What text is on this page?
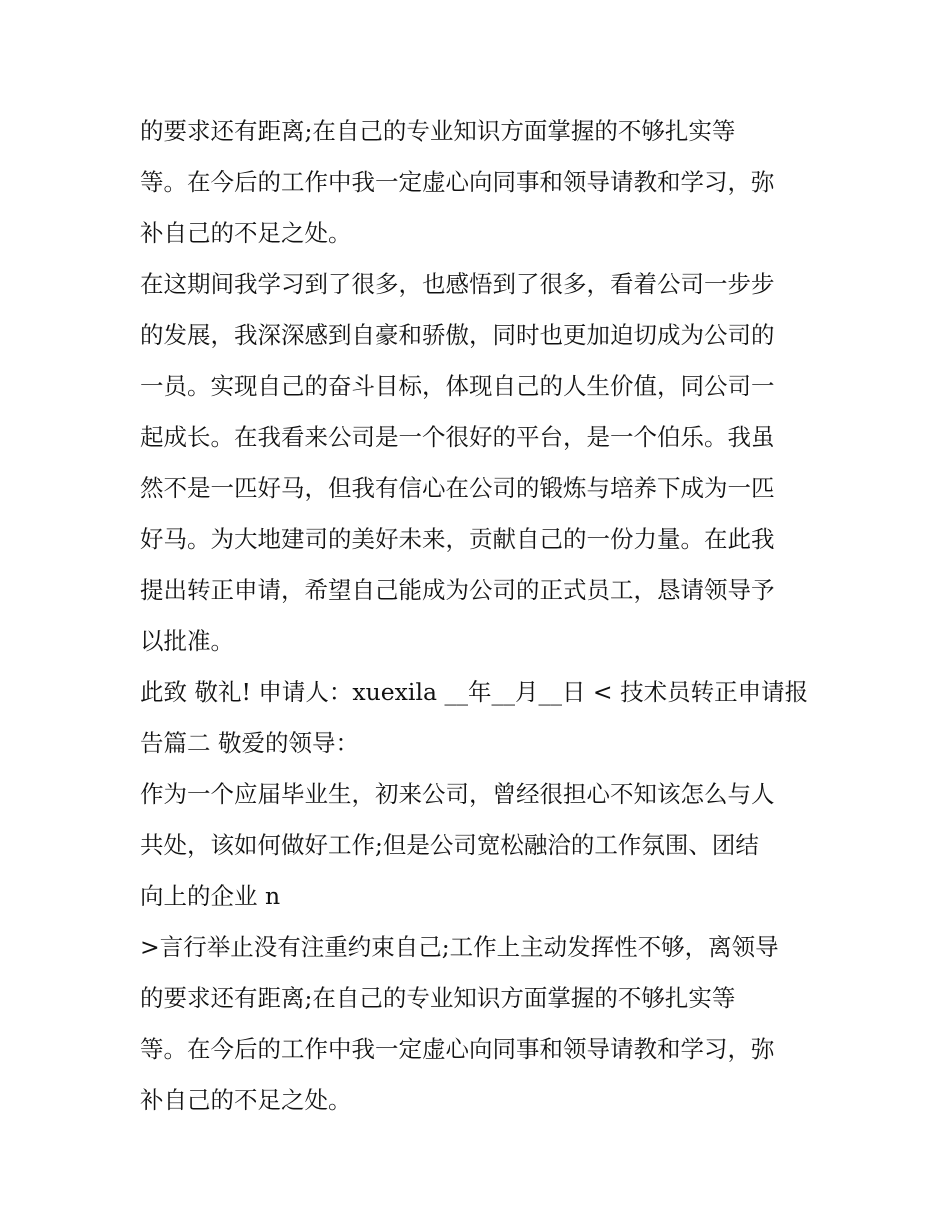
的要求还有距离;在自己的专业知识方面掌握的不够扎实等
等。在今后的工作中我一定虚心向同事和领导请教和学习，弥
补自己的不足之处。
在这期间我学习到了很多，也感悟到了很多，看着公司一步步
的发展，我深深感到自豪和骄傲，同时也更加迫切成为公司的
一员。实现自己的奋斗目标，体现自己的人生价值，同公司一
起成长。在我看来公司是一个很好的平台，是一个伯乐。我虽
然不是一匹好马，但我有信心在公司的锻炼与培养下成为一匹
好马。为大地建司的美好未来，贡献自己的一份力量。在此我
提出转正申请，希望自己能成为公司的正式员工，恳请领导予
以批准。
此致 敬礼! 申请人：xuexila __年__月__日 < 技术员转正申请报
告篇二 敬爱的领导：
作为一个应届毕业生，初来公司，曾经很担心不知该怎么与人
共处，该如何做好工作;但是公司宽松融洽的工作氛围、团结
向上的企业 n
>言行举止没有注重约束自己;工作上主动发挥性不够，离领导
的要求还有距离;在自己的专业知识方面掌握的不够扎实等
等。在今后的工作中我一定虚心向同事和领导请教和学习，弥
补自己的不足之处。
